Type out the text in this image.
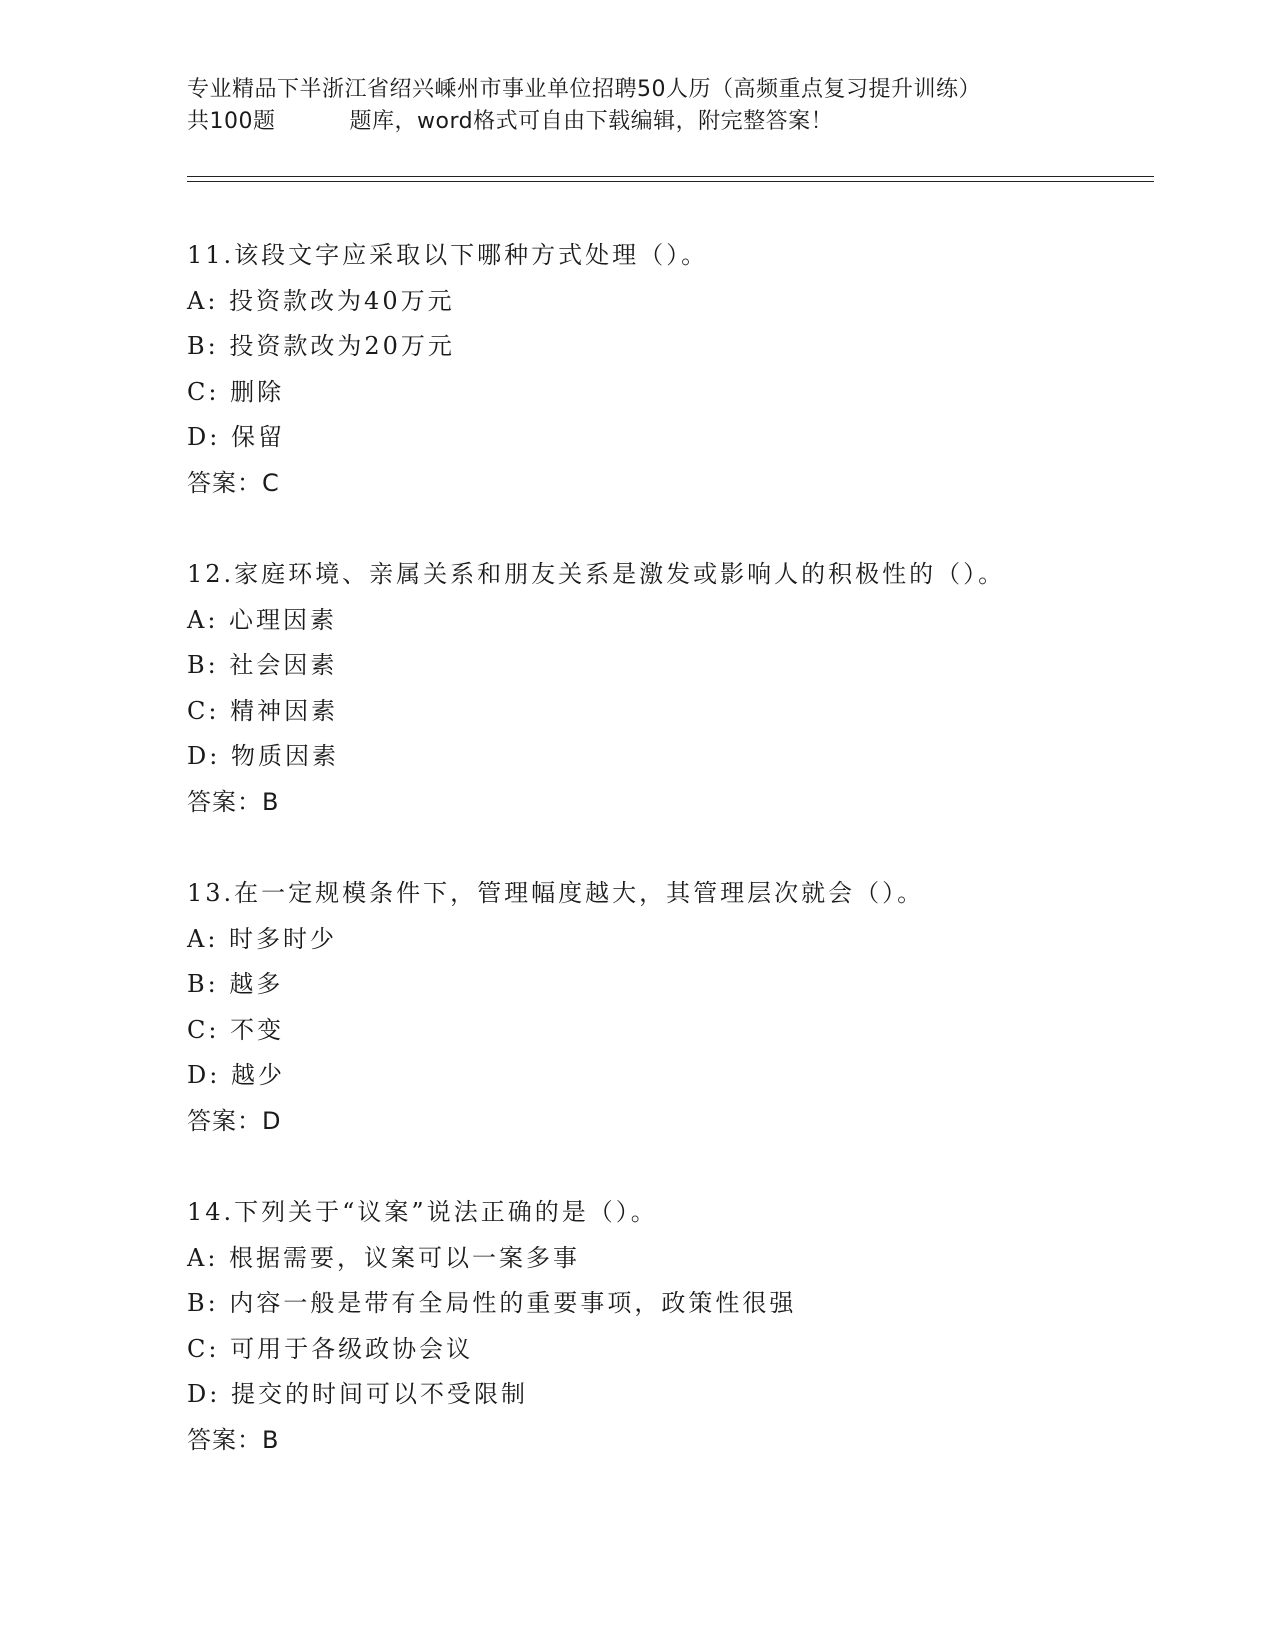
专业精品下半浙江省绍兴嵊州市事业单位招聘50人历（高频重点复习提升训练）
共100题	题库，word格式可自由下载编辑，附完整答案！
11.该段文字应采取以下哪种方式处理（）。
A: 投资款改为40万元
B: 投资款改为20万元
C: 删除
D: 保留
答案：C
12.家庭环境、亲属关系和朋友关系是激发或影响人的积极性的（）。
A: 心理因素
B: 社会因素
C: 精神因素
D: 物质因素
答案：B
13.在一定规模条件下，管理幅度越大，其管理层次就会（）。
A: 时多时少
B: 越多
C: 不变
D: 越少
答案：D
14.下列关于“议案”说法正确的是（）。
A: 根据需要，议案可以一案多事
B: 内容一般是带有全局性的重要事项，政策性很强
C: 可用于各级政协会议
D: 提交的时间可以不受限制
答案：B
